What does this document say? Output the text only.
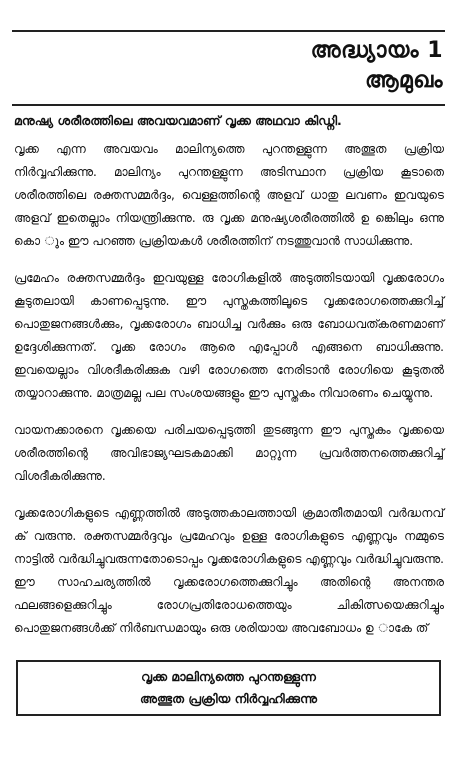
അദ്ധ്യായം 1
ആമുഖം

മനുഷ്യ ശരീരത്തിലെ അവയവമാണ് വൃക്ക അഥവാ കിഡ്നി.

വൃക്ക എന്ന അവയവം മാലിന്യത്തെ പുറന്തള്ളുന്ന അത്ഭുത പ്രക്രിയ നിർവ്വഹിക്കുന്നു. മാലിന്യം പുറന്തള്ളുന്ന അടിസ്ഥാന പ്രക്രിയ കൂടാതെ ശരീരത്തിലെ രക്തസമ്മർദ്ദം, വെള്ളത്തിന്റെ അളവ് ധാതു ലവണം ഇവയുടെ അളവ് ഇതെല്ലാം നിയന്ത്രിക്കുന്നു. രു വൃക്ക മനുഷ്യശരീരത്തിൽ ഉ ങ്കെിലും ഒന്നു കൊ ും ഈ പറഞ്ഞ പ്രക്രിയകൾ ശരീരത്തിന് നടത്തുവാൻ സാധിക്കുന്നു.

പ്രമേഹം രക്തസമ്മർദ്ദം ഇവയുള്ള രോഗികളിൽ അടുത്തിടയായി വൃക്കരോഗം കൂടുതലായി കാണപ്പെടുന്നു. ഈ പുസ്തകത്തിലൂടെ വൃക്കരോഗത്തെക്കുറിച്ച് പൊതുജനങ്ങൾക്കും, വൃക്കരോഗം ബാധിച്ച വർക്കും ഒരു ബോധവത്കരണമാണ് ഉദ്ദേശിക്കുന്നത്. വൃക്ക രോഗം ആരെ എപ്പോൾ എങ്ങനെ ബാധിക്കുന്നു. ഇവയെല്ലാം വിശദീകരിക്കുക വഴി രോഗത്തെ നേരിടാൻ രോഗിയെ കൂടുതൽ തയ്യാറാക്കുന്നു. മാത്രമല്ല പല സംശയങ്ങളും ഈ പുസ്തകം നിവാരണം ചെയ്യുന്നു.

വായനക്കാരനെ വൃക്കയെ പരിചയപ്പെടുത്തി തുടങ്ങുന്ന ഈ പുസ്തകം വൃക്കയെ ശരീരത്തിന്റെ അവിഭാജ്യഘടകമാക്കി മാറ്റുന്ന പ്രവർത്തനത്തെക്കുറിച്ച് വിശദീകരിക്കുന്നു.

വൃക്കരോഗികളുടെ എണ്ണത്തിൽ അടുത്തകാലത്തായി ക്രമാതീതമായി വർദ്ധനവ് ക് വരുന്നു. രക്തസമ്മർദ്ദവും പ്രമേഹവും ഉള്ള രോഗികളുടെ എണ്ണവും നമ്മുടെ നാട്ടിൽ വർദ്ധിച്ചുവരുന്നതോടൊപ്പം വൃക്കരോഗികളുടെ എണ്ണവും വർദ്ധിച്ചുവരുന്നു. ഈ സാഹചര്യത്തിൽ വൃക്കരോഗത്തെക്കുറിച്ചും അതിന്റെ അനന്തര ഫലങ്ങളെക്കുറിച്ചും രോഗപ്രതിരോധത്തെയും ചികിത്സയെക്കുറിച്ചും പൊതുജനങ്ങൾക്ക് നിർബന്ധമായും ഒരു ശരിയായ അവബോധം ഉ ാകേ ത്

വൃക്ക മാലിന്യത്തെ പുറന്തള്ളുന്ന
അത്ഭുത പ്രക്രിയ നിർവ്വഹിക്കുന്നു
